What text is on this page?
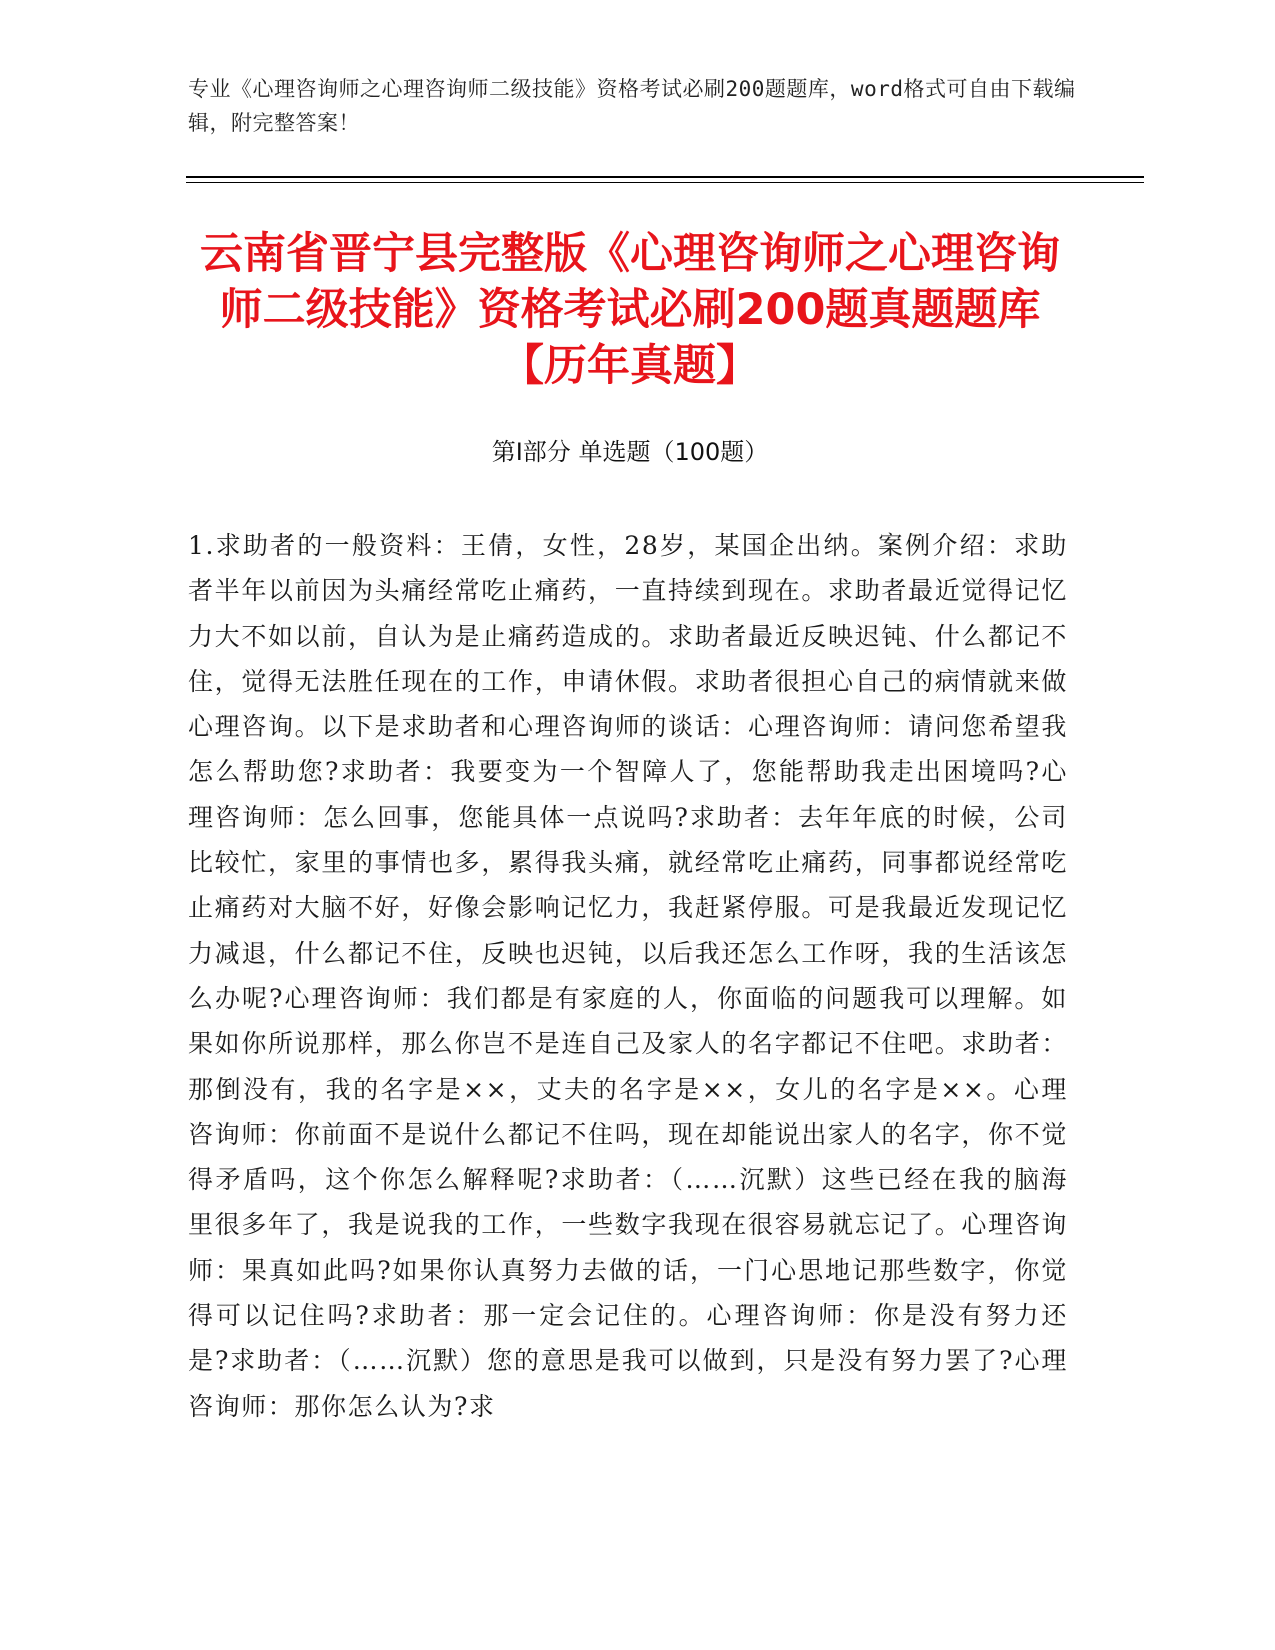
专业《心理咨询师之心理咨询师二级技能》资格考试必刷200题题库，word格式可自由下载编辑，附完整答案！
云南省晋宁县完整版《心理咨询师之心理咨询师二级技能》资格考试必刷200题真题题库【历年真题】
第Ⅰ部分 单选题（100题）
1.求助者的一般资料：王倩，女性，28岁，某国企出纳。案例介绍：求助者半年以前因为头痛经常吃止痛药，一直持续到现在。求助者最近觉得记忆力大不如以前，自认为是止痛药造成的。求助者最近反映迟钝、什么都记不住，觉得无法胜任现在的工作，申请休假。求助者很担心自己的病情就来做心理咨询。以下是求助者和心理咨询师的谈话：心理咨询师：请问您希望我怎么帮助您?求助者：我要变为一个智障人了，您能帮助我走出困境吗?心理咨询师：怎么回事，您能具体一点说吗?求助者：去年年底的时候，公司比较忙，家里的事情也多，累得我头痛，就经常吃止痛药，同事都说经常吃止痛药对大脑不好，好像会影响记忆力，我赶紧停服。可是我最近发现记忆力减退，什么都记不住，反映也迟钝，以后我还怎么工作呀，我的生活该怎么办呢?心理咨询师：我们都是有家庭的人，你面临的问题我可以理解。如果如你所说那样，那么你岂不是连自己及家人的名字都记不住吧。求助者：那倒没有，我的名字是××，丈夫的名字是××，女儿的名字是××。心理咨询师：你前面不是说什么都记不住吗，现在却能说出家人的名字，你不觉得矛盾吗，这个你怎么解释呢?求助者：（……沉默）这些已经在我的脑海里很多年了，我是说我的工作，一些数字我现在很容易就忘记了。心理咨询师：果真如此吗?如果你认真努力去做的话，一门心思地记那些数字，你觉得可以记住吗?求助者：那一定会记住的。心理咨询师：你是没有努力还是?求助者：（……沉默）您的意思是我可以做到，只是没有努力罢了?心理咨询师：那你怎么认为?求
